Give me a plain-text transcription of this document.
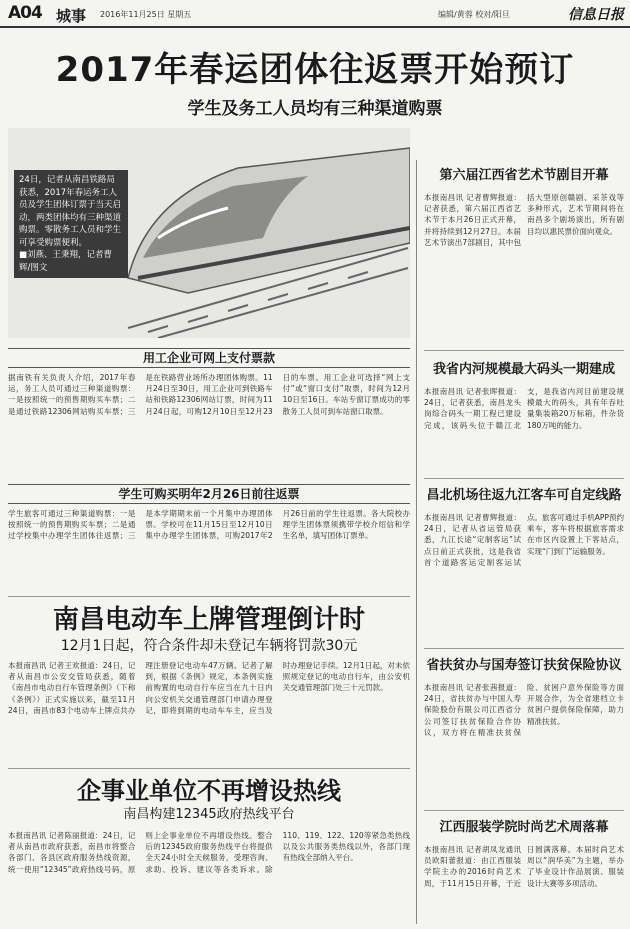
A04 城事 2016年11月25日 星期五	编辑/黄蓉 校对/阳旦	信息日报
2017年春运团体往返票开始预订
学生及务工人员均有三种渠道购票
24日，记者从南昌铁路局获悉，2017年春运务工人员及学生团体订票于当天启动，两类团体均有三种渠道购票。零散务工人员和学生可享受购票便利。
■刘燕、王秉翔，记者曹辉/图文
用工企业可网上支付票款
据南铁有关负责人介绍，2017年春运，务工人员可通过三种渠道购票：一是按照统一的预售期购买车票；二是通过铁路12306网站购买车票；三是在铁路营业场所办理团体购票。11月24日至30日，用工企业可到铁路车站和铁路12306网站订票，时间为11月24日起，可购12月10日至12月23日的车票。用工企业可选择“网上支付”或“窗口支付”取票，时间为12月10日至16日。车站专窗订票成功的零散务工人员可到车站窗口取票。
学生可购买明年2月26日前往返票
学生旅客可通过三种渠道购票：一是按照统一的预售期购买车票；二是通过学校集中办理学生团体往返票；三是本学期期末前一个月集中办理团体票。学校可在11月15日至12月10日集中办理学生团体票，可购2017年2月26日前的学生往返票。各大院校办理学生团体票须携带学校介绍信和学生名单，填写团体订票单。
南昌电动车上牌管理倒计时
12月1日起，符合条件却未登记车辆将罚款30元
本报南昌讯 记者王欢报道：24日，记者从南昌市公安交管局获悉，随着《南昌市电动自行车管理条例》（下称《条例》）正式实施以来，截至11月24日，南昌市83个电动车上牌点共办理注册登记电动车47万辆。记者了解到，根据《条例》规定，本条例实施前购置的电动自行车应当在九十日内向公安机关交通管理部门申请办理登记，即将到期的电动车车主，应当及时办理登记手续。12月1日起，对未依照规定登记的电动自行车，由公安机关交通管理部门处三十元罚款。
企事业单位不再增设热线
南昌构建12345政府热线平台
本报南昌讯 记者陈丽报道：24日，记者从南昌市政府获悉，南昌市将整合各部门、各县区政府服务热线资源，统一使用“12345”政府热线号码，原则上企事业单位不再增设热线。整合后的12345政府服务热线平台将提供全天24小时全天候服务，受理咨询、求助、投诉、建议等各类诉求。除110、119、122、120等紧急类热线以及公共服务类热线以外，各部门现有热线全部纳入平台。
第六届江西省艺术节剧目开幕
本报南昌讯 记者曹辉报道：记者获悉，第六届江西省艺术节于本月26日正式开幕，并将持续到12月27日。本届艺术节演出7部剧目，其中包括大型原创赣剧、采茶戏等多种形式，艺术节期间将在南昌多个剧场演出，所有剧目均以惠民票价面向观众。
我省内河规模最大码头一期建成
本报南昌讯 记者张晖报道：24日，记者获悉，南昌龙头岗综合码头一期工程已建设完成，该码头位于赣江北支，是我省内河目前建设规模最大的码头，具有年吞吐量集装箱20万标箱，件杂货180万吨的能力。
昌北机场往返九江客车可自定线路
本报南昌讯 记者曹辉报道：24日，记者从省运管局获悉，九江长途“定制客运”试点日前正式获批，这是我省首个道路客运定制客运试点。旅客可通过手机APP预约乘车，客车将根据旅客需求在市区内设置上下客站点，实现“门到门”运输服务。
省扶贫办与国寿签订扶贫保险协议
本报南昌讯 记者张茜报道：24日，省扶贫办与中国人寿保险股份有限公司江西省分公司签订扶贫保险合作协议，双方将在精准扶贫保险、贫困户意外保险等方面开展合作，为全省建档立卡贫困户提供保险保障，助力精准扶贫。
江西服装学院时尚艺术周落幕
本报南昌讯 记者胡凤龙通讯员欧阳蕾报道：由江西服装学院主办的2016时尚艺术周，于11月15日开幕，于近日圆满落幕。本届时尚艺术周以“润华美”为主题，举办了毕业设计作品展演、服装设计大赛等多项活动。
